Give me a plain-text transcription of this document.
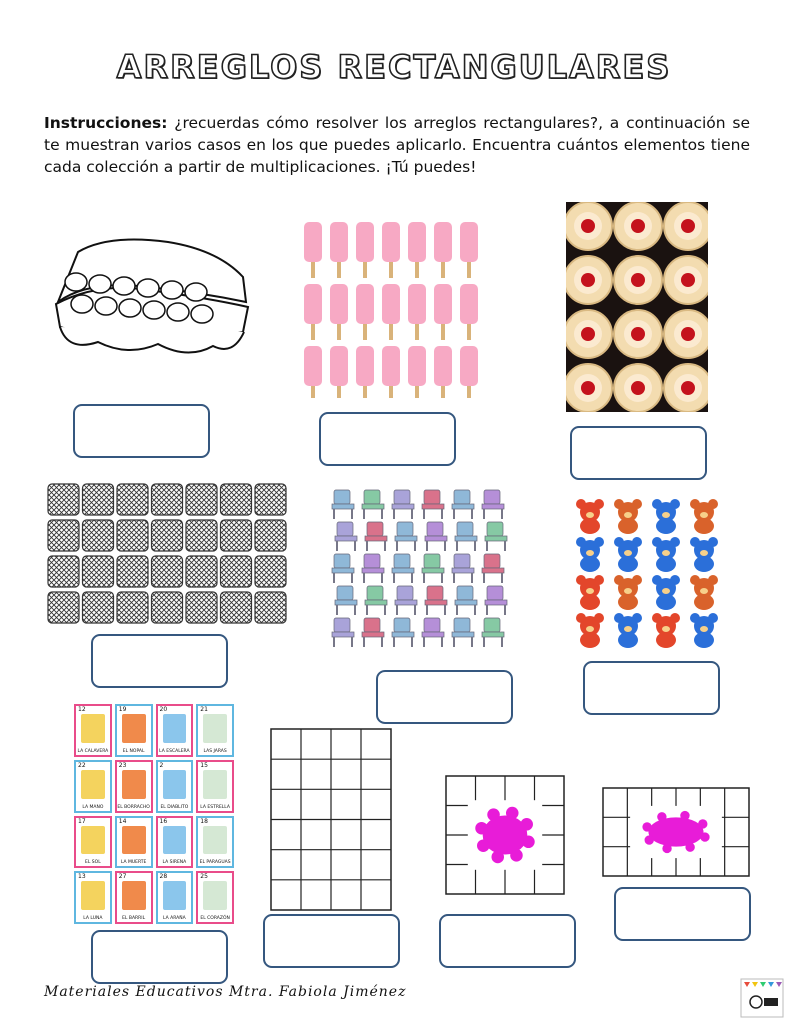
ARREGLOS RECTANGULARES
Instrucciones: ¿recuerdas cómo resolver los arreglos rectangulares?, a continuación se te muestran varios casos en los que puedes aplicarlo. Encuentra cuántos elementos tiene cada colección a partir de multiplicaciones. ¡Tú puedes!
12
LA CALAVERA
19
EL NOPAL
20
LA ESCALERA
21
LAS JARAS
22
LA MANO
23
EL BORRACHO
2
EL DIABLITO
15
LA ESTRELLA
17
EL SOL
14
LA MUERTE
16
LA SIRENA
18
EL PARAGUAS
13
LA LUNA
27
EL BARRIL
28
LA ARAÑA
25
EL CORAZÓN
Materiales Educativos Mtra. Fabiola Jiménez
